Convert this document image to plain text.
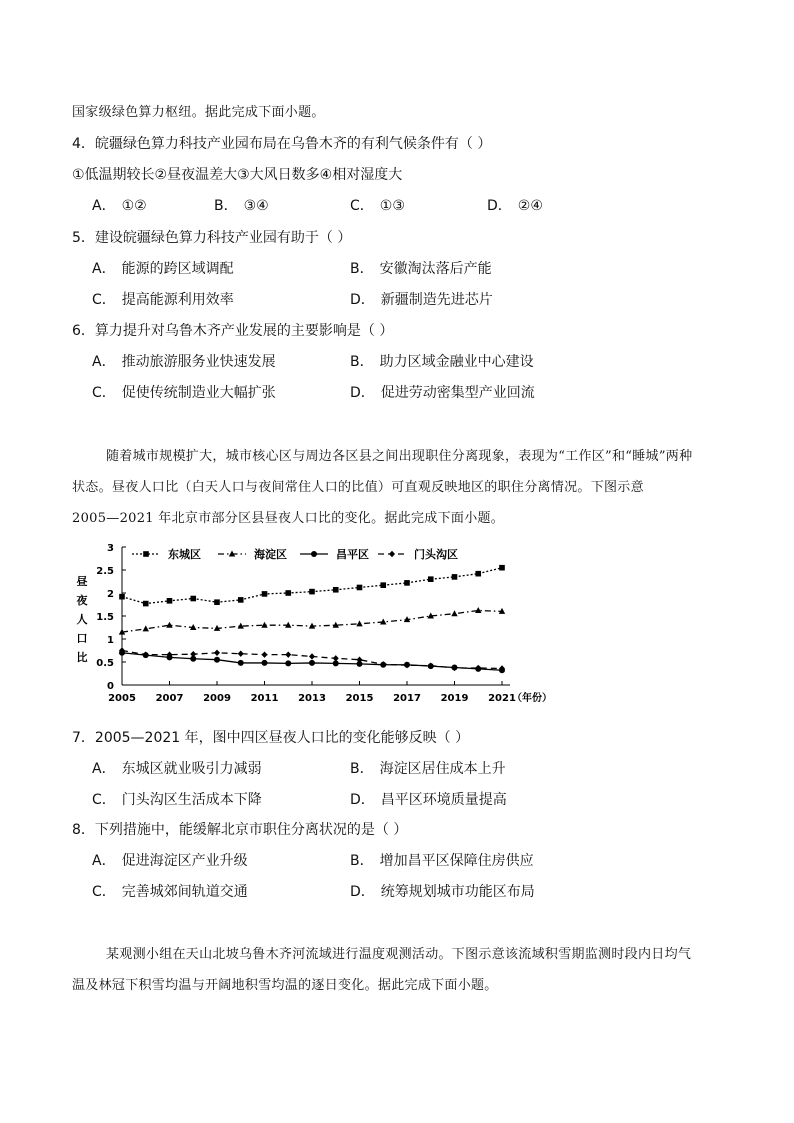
国家级绿色算力枢纽。据此完成下面小题。
4．皖疆绿色算力科技产业园布局在乌鲁木齐的有利气候条件有（ ）
①低温期较长②昼夜温差大③大风日数多④相对湿度大
A． ①②	B． ③④	C． ①③	D． ②④
5．建设皖疆绿色算力科技产业园有助于（ ）
A． 能源的跨区域调配	B． 安徽淘汰落后产能
C． 提高能源利用效率	D． 新疆制造先进芯片
6．算力提升对乌鲁木齐产业发展的主要影响是（ ）
A． 推动旅游服务业快速发展	B． 助力区域金融业中心建设
C． 促使传统制造业大幅扩张	D． 促进劳动密集型产业回流
随着城市规模扩大，城市核心区与周边各区县之间出现职住分离现象，表现为“工作区”和“睡城”两种
状态。昼夜人口比（白天人口与夜间常住人口的比值）可直观反映地区的职住分离情况。下图示意
2005—2021 年北京市部分区县昼夜人口比的变化。据此完成下面小题。
0
0.5
1
1.5
2
2.5
3
2005 2007 2009 2011 2013 2015 2017 2019 2021
（年份）
昼夜人口比
东城区	海淀区	昌平区	门头沟区
7．2005—2021 年，图中四区昼夜人口比的变化能够反映（ ）
A． 东城区就业吸引力减弱	B． 海淀区居住成本上升
C． 门头沟区生活成本下降	D． 昌平区环境质量提高
8．下列措施中，能缓解北京市职住分离状况的是（ ）
A． 促进海淀区产业升级	B． 增加昌平区保障住房供应
C． 完善城郊间轨道交通	D． 统筹规划城市功能区布局
某观测小组在天山北坡乌鲁木齐河流域进行温度观测活动。下图示意该流域积雪期监测时段内日均气
温及林冠下积雪均温与开阔地积雪均温的逐日变化。据此完成下面小题。
